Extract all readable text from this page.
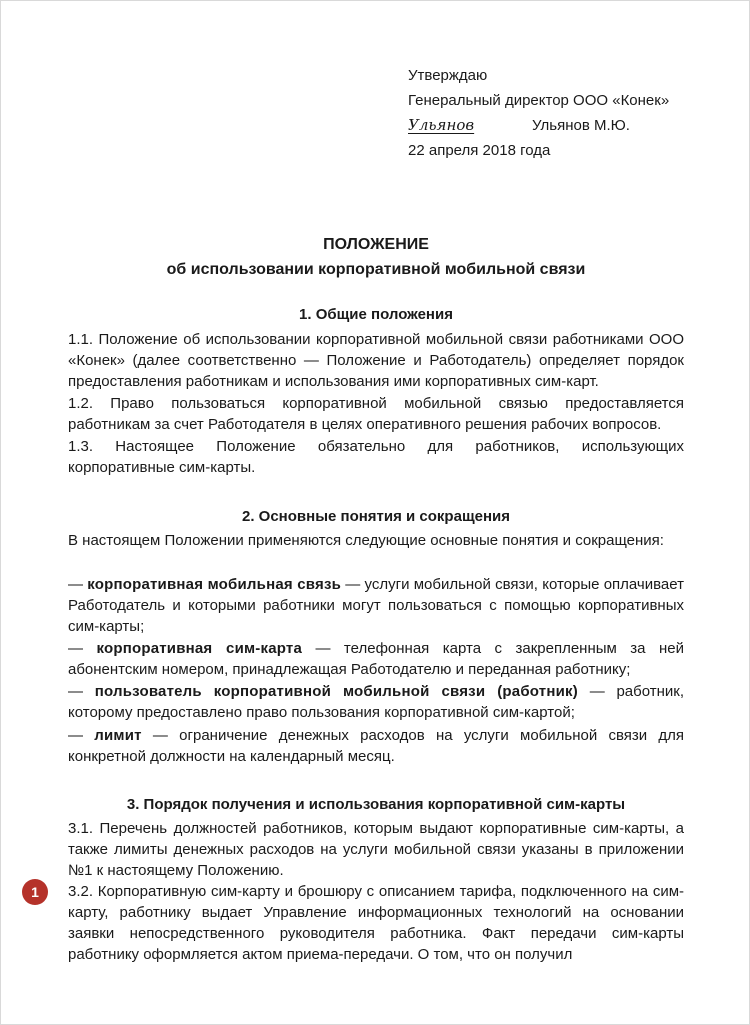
Утверждаю
Генеральный директор ООО «Конек»
Ульянов	Ульянов М.Ю.
22 апреля 2018 года
ПОЛОЖЕНИЕ
об использовании корпоративной мобильной связи
1. Общие положения
1.1. Положение об использовании корпоративной мобильной связи работниками ООО «Конек» (далее соответственно — Положение и Работодатель) определяет порядок предоставления работникам и использования ими корпоративных сим-карт.
1.2. Право пользоваться корпоративной мобильной связью предоставляется работникам за счет Работодателя в целях оперативного решения рабочих вопросов.
1.3. Настоящее Положение обязательно для работников, использующих корпоративные сим-карты.
2. Основные понятия и сокращения
В настоящем Положении применяются следующие основные понятия и сокращения:
— корпоративная мобильная связь — услуги мобильной связи, которые оплачивает Работодатель и которыми работники могут пользоваться с помощью корпоративных сим-карты;
— корпоративная сим-карта — телефонная карта с закрепленным за ней абонентским номером, принадлежащая Работодателю и переданная работнику;
— пользователь корпоративной мобильной связи (работник) — работник, которому предоставлено право пользования корпоративной сим-картой;
— лимит — ограничение денежных расходов на услуги мобильной связи для конкретной должности на календарный месяц.
3. Порядок получения и использования корпоративной сим-карты
3.1. Перечень должностей работников, которым выдают корпоративные сим-карты, а также лимиты денежных расходов на услуги мобильной связи указаны в приложении №1 к настоящему Положению.
3.2. Корпоративную сим-карту и брошюру с описанием тарифа, подключенного на сим-карту, работнику выдает Управление информационных технологий на основании заявки непосредственного руководителя работника. Факт передачи сим-карты работнику оформляется актом приема-передачи. О том, что он получил
1
